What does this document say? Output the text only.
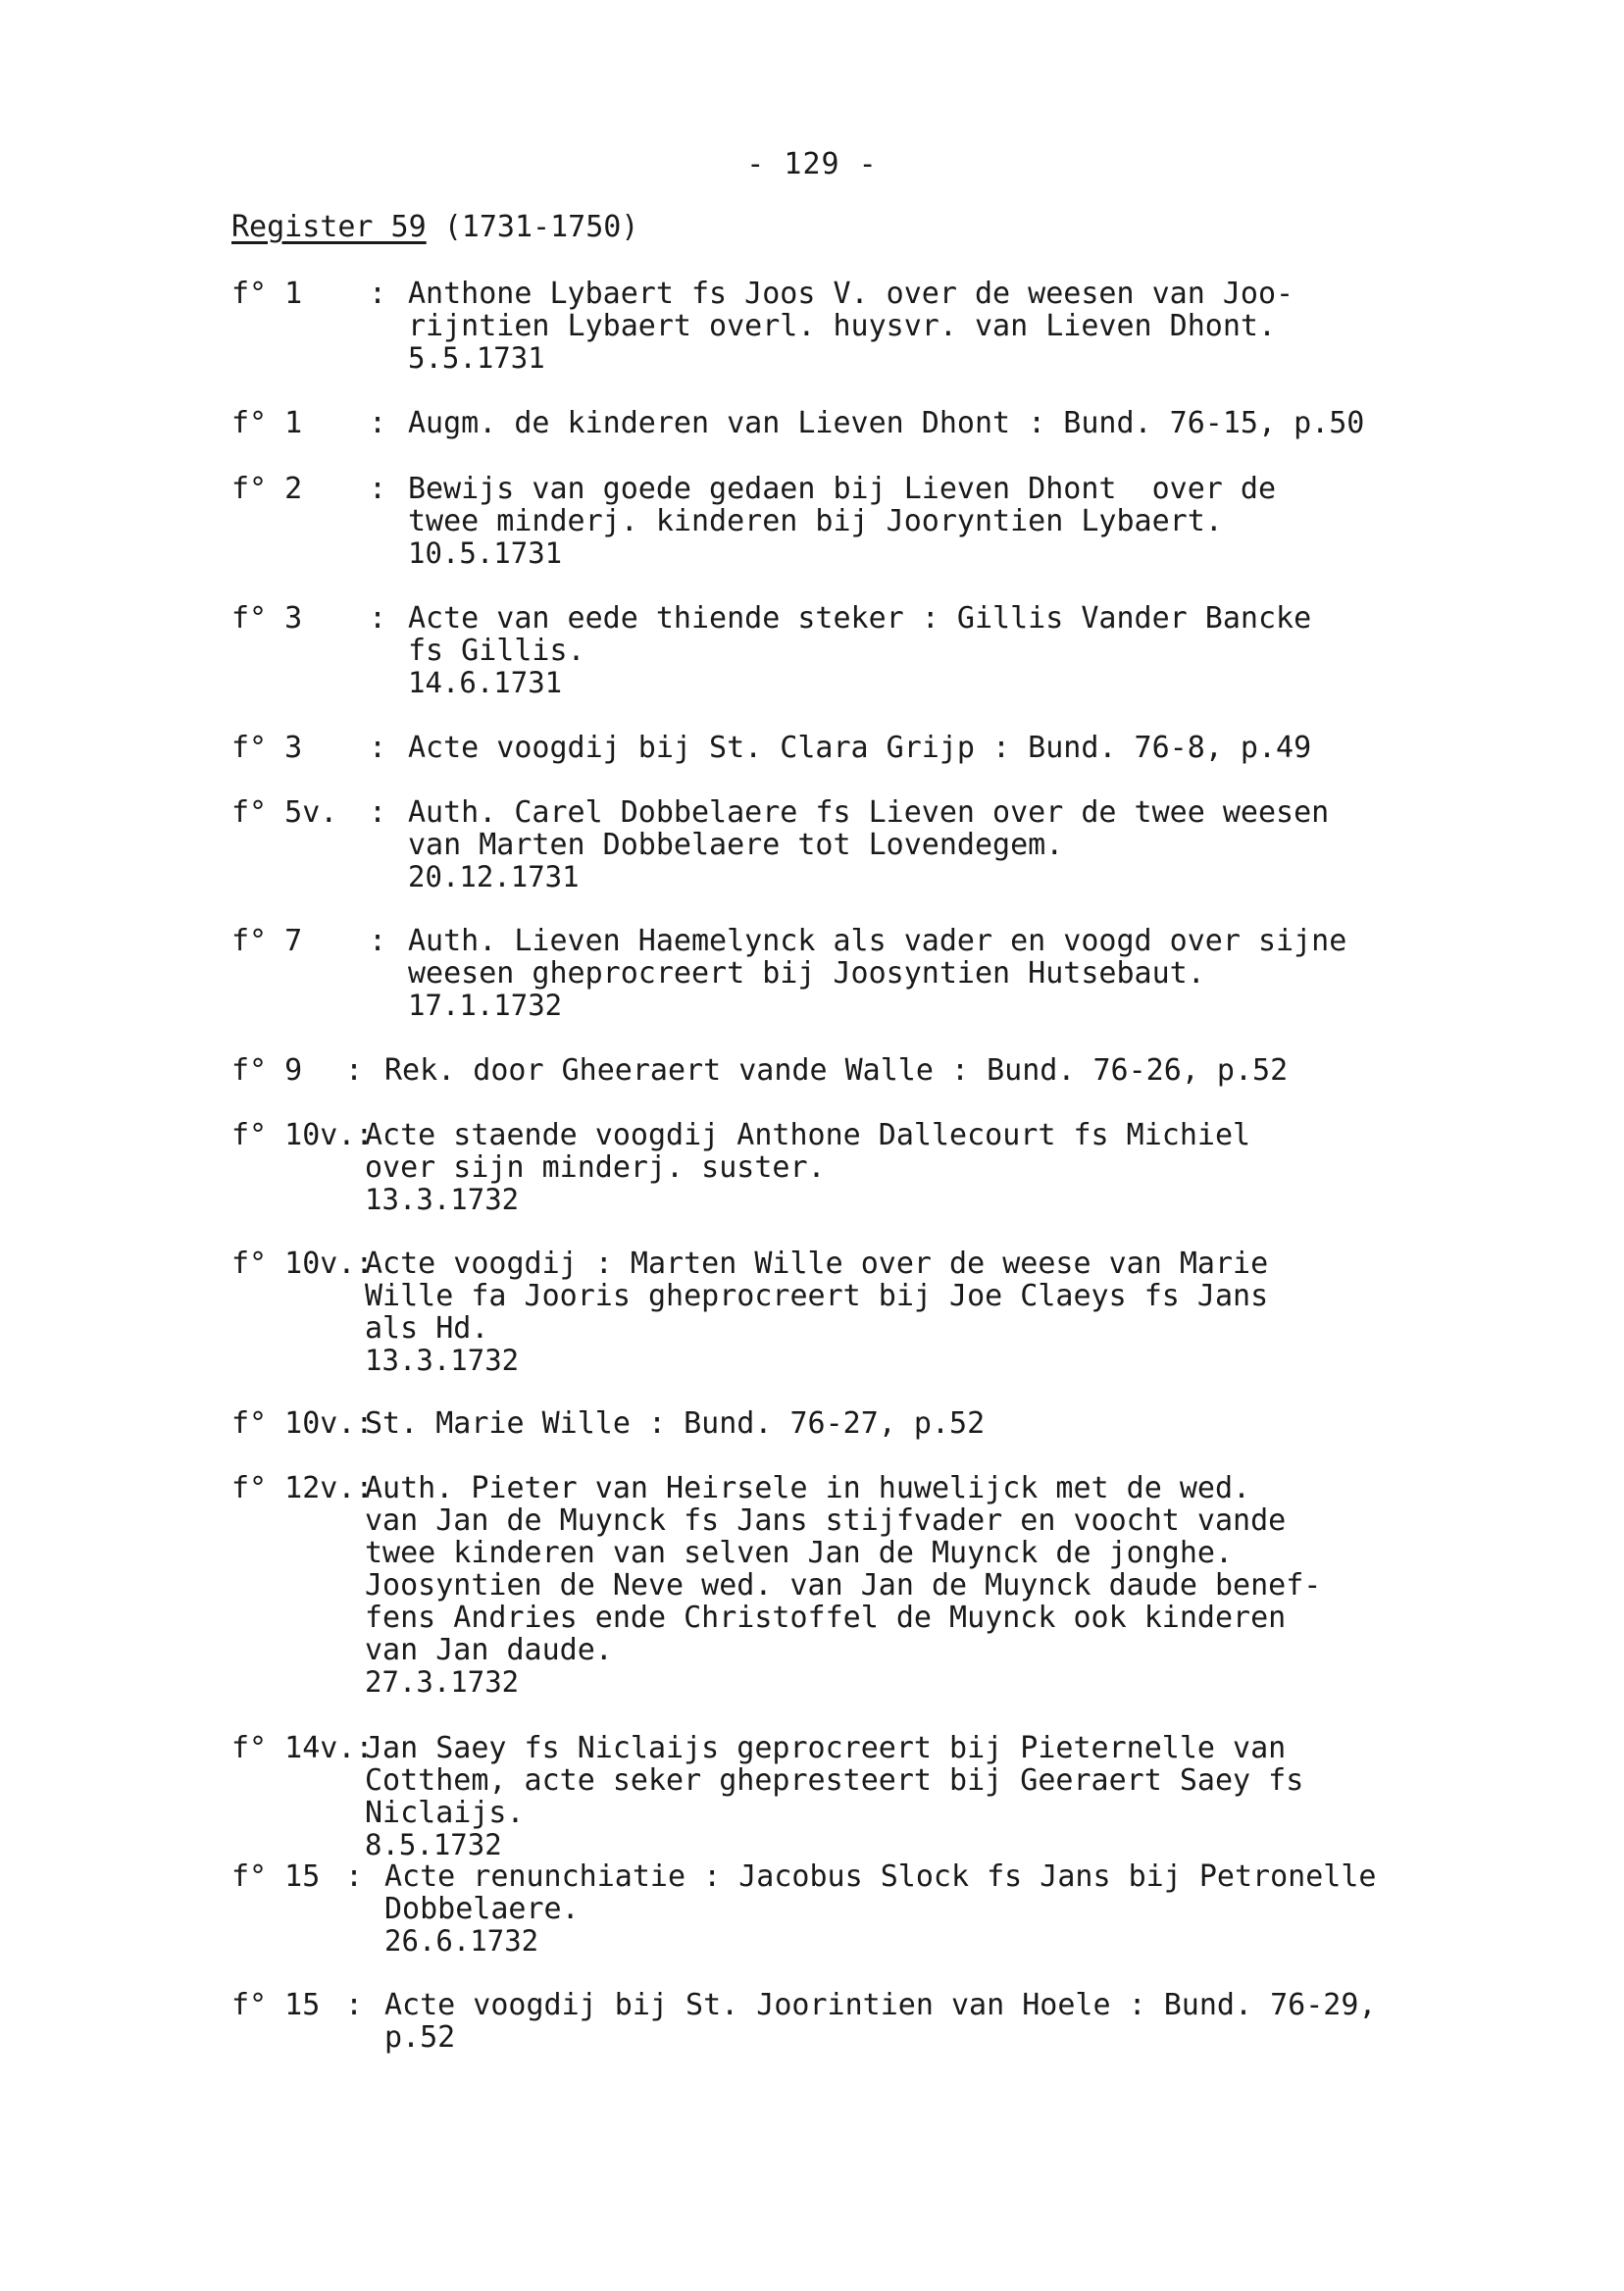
- 129 -
Register 59 (1731-1750)
f° 1 : Anthone Lybaert fs Joos V. over de weesen van Joo-
rijntien Lybaert overl. huysvr. van Lieven Dhont.
5.5.1731
f° 1 : Augm. de kinderen van Lieven Dhont : Bund. 76-15, p.50
f° 2 : Bewijs van goede gedaen bij Lieven Dhont  over de
twee minderj. kinderen bij Jooryntien Lybaert.
10.5.1731
f° 3 : Acte van eede thiende steker : Gillis Vander Bancke
fs Gillis.
14.6.1731
f° 3 : Acte voogdij bij St. Clara Grijp : Bund. 76-8, p.49
f° 5v. : Auth. Carel Dobbelaere fs Lieven over de twee weesen
van Marten Dobbelaere tot Lovendegem.
20.12.1731
f° 7 : Auth. Lieven Haemelynck als vader en voogd over sijne
weesen gheprocreert bij Joosyntien Hutsebaut.
17.1.1732
f° 9 : Rek. door Gheeraert vande Walle : Bund. 76-26, p.52
f° 10v.:
Acte staende voogdij Anthone Dallecourt fs Michiel
over sijn minderj. suster.
13.3.1732
f° 10v.:
Acte voogdij : Marten Wille over de weese van Marie
Wille fa Jooris gheprocreert bij Joe Claeys fs Jans
als Hd.
13.3.1732
f° 10v.:
St. Marie Wille : Bund. 76-27, p.52
f° 12v.:
Auth. Pieter van Heirsele in huwelijck met de wed.
van Jan de Muynck fs Jans stijfvader en voocht vande
twee kinderen van selven Jan de Muynck de jonghe.
Joosyntien de Neve wed. van Jan de Muynck daude benef-
fens Andries ende Christoffel de Muynck ook kinderen
van Jan daude.
27.3.1732
f° 14v.:
Jan Saey fs Niclaijs geprocreert bij Pieternelle van
Cotthem, acte seker ghepresteert bij Geeraert Saey fs
Niclaijs.
8.5.1732
f° 15 : Acte renunchiatie : Jacobus Slock fs Jans bij Petronelle
Dobbelaere.
26.6.1732
f° 15 : Acte voogdij bij St. Joorintien van Hoele : Bund. 76-29,
p.52
